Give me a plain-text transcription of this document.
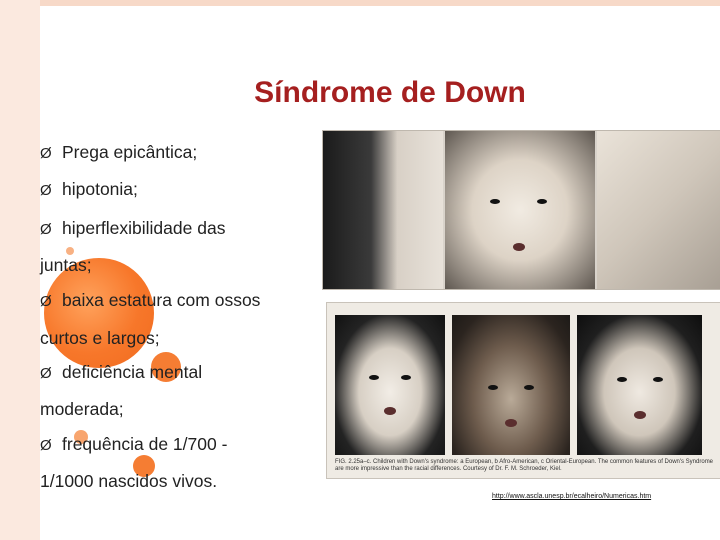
Síndrome de Down
Ø Prega epicântica;
Ø hipotonia;
Ø hiperflexibilidade das
juntas;
Ø baixa estatura com ossos
curtos e largos;
Ø deficiência mental
moderada;
Ø frequência de 1/700 -
1/1000 nascidos vivos.
FIG. 2.25a–c. Children with Down's syndrome: a European, b Afro-American, c Oriental-European. The common features of Down's Syndrome are more impressive than the racial differences. Courtesy of Dr. F. M. Schroeder, Kiel.
http://www.ascla.unesp.br/ecalheiro/Numericas.htm
